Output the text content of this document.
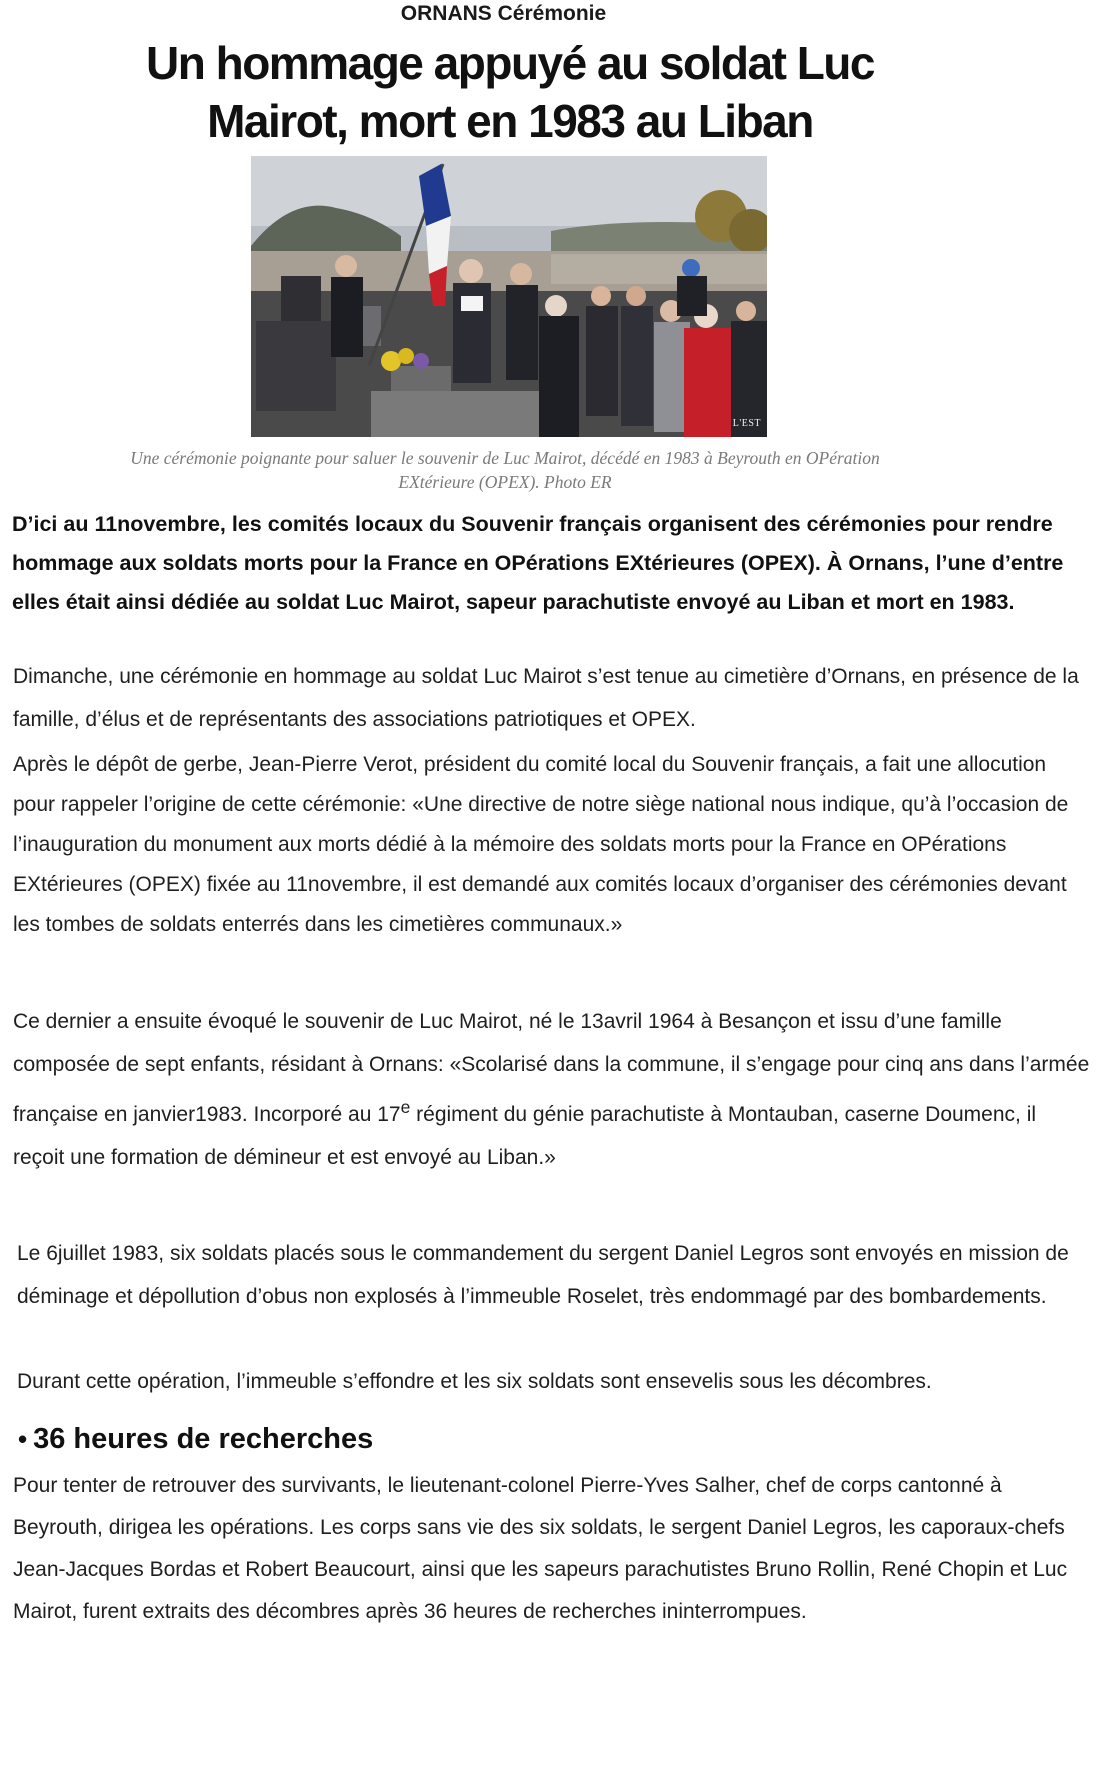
ORNANS Cérémonie
Un hommage appuyé au soldat Luc Mairot, mort en 1983 au Liban
L'EST
Une cérémonie poignante pour saluer le souvenir de Luc Mairot, décédé en 1983 à Beyrouth en OPération EXtérieure (OPEX). Photo ER
D’ici au 11novembre, les comités locaux du Souvenir français organisent des cérémonies pour rendre hommage aux soldats morts pour la France en OPérations EXtérieures (OPEX). À Ornans, l’une d’entre elles était ainsi dédiée au soldat Luc Mairot, sapeur parachutiste envoyé au Liban et mort en 1983.
Dimanche, une cérémonie en hommage au soldat Luc Mairot s’est tenue au cimetière d’Ornans, en présence de la famille, d’élus et de représentants des associations patriotiques et OPEX.
Après le dépôt de gerbe, Jean-Pierre Verot, président du comité local du Souvenir français, a fait une allocution pour rappeler l’origine de cette cérémonie: «Une directive de notre siège national nous indique, qu’à l’occasion de l’inauguration du monument aux morts dédié à la mémoire des soldats morts pour la France en OPérations EXtérieures (OPEX) fixée au 11novembre, il est demandé aux comités locaux d’organiser des cérémonies devant les tombes de soldats enterrés dans les cimetières communaux.»
Ce dernier a ensuite évoqué le souvenir de Luc Mairot, né le 13avril 1964 à Besançon et issu d’une famille composée de sept enfants, résidant à Ornans: «Scolarisé dans la commune, il s’engage pour cinq ans dans l’armée française en janvier1983. Incorporé au 17e régiment du génie parachutiste à Montauban, caserne Doumenc, il reçoit une formation de démineur et est envoyé au Liban.»
Le 6juillet 1983, six soldats placés sous le commandement du sergent Daniel Legros sont envoyés en mission de déminage et dépollution d’obus non explosés à l’immeuble Roselet, très endommagé par des bombardements.
Durant cette opération, l’immeuble s’effondre et les six soldats sont ensevelis sous les décombres.
• 36 heures de recherches
Pour tenter de retrouver des survivants, le lieutenant-colonel Pierre-Yves Salher, chef de corps cantonné à Beyrouth, dirigea les opérations. Les corps sans vie des six soldats, le sergent Daniel Legros, les caporaux-chefs Jean-Jacques Bordas et Robert Beaucourt, ainsi que les sapeurs parachutistes Bruno Rollin, René Chopin et Luc Mairot, furent extraits des décombres après 36 heures de recherches ininterrompues.
